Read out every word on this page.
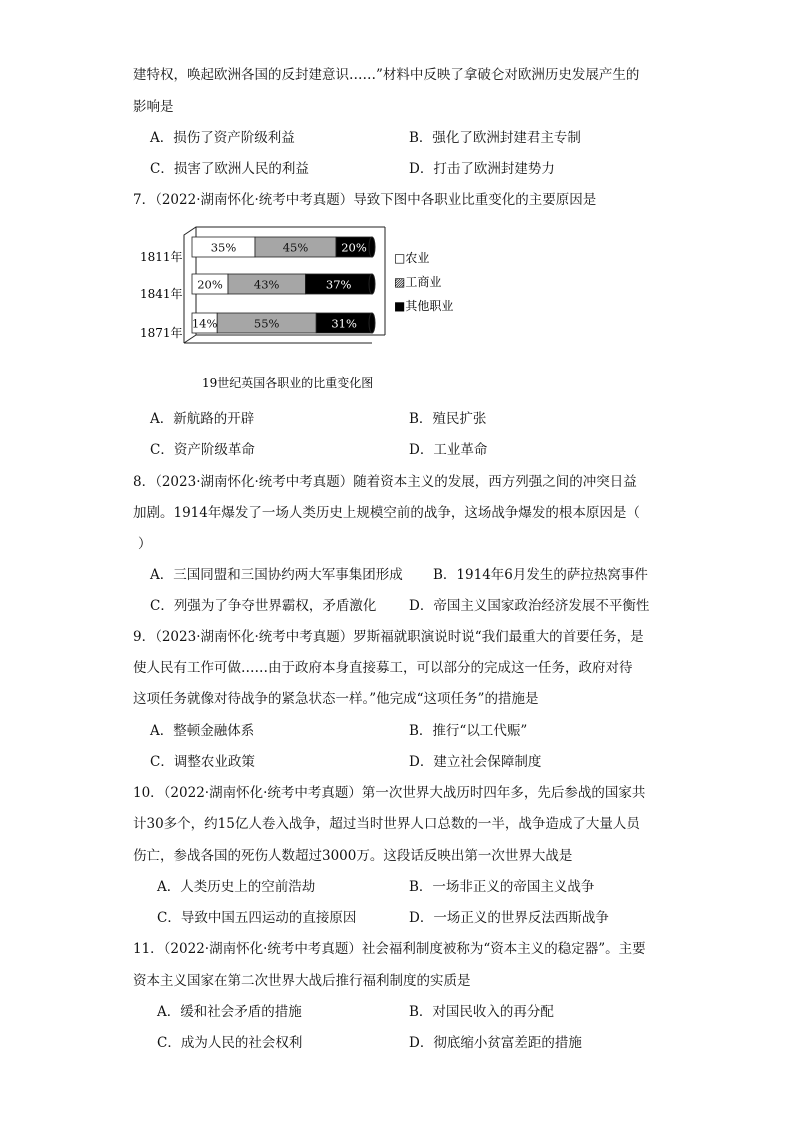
建特权，唤起欧洲各国的反封建意识……”材料中反映了拿破仑对欧洲历史发展产生的
影响是
A．损伤了资产阶级利益	B．强化了欧洲封建君主专制
C．损害了欧洲人民的利益	D．打击了欧洲封建势力
7．（2022·湖南怀化·统考中考真题）导致下图中各职业比重变化的主要原因是
1811年
35%	45%	20%
1841年
20%	43%	37%
1871年
14%	55%	31%
□农业
▨工商业
■其他职业
19世纪英国各职业的比重变化图
A．新航路的开辟	B．殖民扩张
C．资产阶级革命	D．工业革命
8．（2023·湖南怀化·统考中考真题）随着资本主义的发展，西方列强之间的冲突日益
加剧。1914年爆发了一场人类历史上规模空前的战争，这场战争爆发的根本原因是（
）
A．三国同盟和三国协约两大军事集团形成 B．1914年6月发生的萨拉热窝事件
C．列强为了争夺世界霸权，矛盾激化 D．帝国主义国家政治经济发展不平衡性
9．（2023·湖南怀化·统考中考真题）罗斯福就职演说时说“我们最重大的首要任务，是
使人民有工作可做……由于政府本身直接募工，可以部分的完成这一任务，政府对待
这项任务就像对待战争的紧急状态一样。”他完成“这项任务”的措施是
A．整顿金融体系	B．推行“以工代赈”
C．调整农业政策	D．建立社会保障制度
10．（2022·湖南怀化·统考中考真题）第一次世界大战历时四年多，先后参战的国家共
计30多个，约15亿人卷入战争，超过当时世界人口总数的一半，战争造成了大量人员
伤亡，参战各国的死伤人数超过3000万。这段话反映出第一次世界大战是
A．人类历史上的空前浩劫	B．一场非正义的帝国主义战争
C．导致中国五四运动的直接原因	D．一场正义的世界反法西斯战争
11．（2022·湖南怀化·统考中考真题）社会福利制度被称为“资本主义的稳定器”。主要
资本主义国家在第二次世界大战后推行福利制度的实质是
A．缓和社会矛盾的措施	B．对国民收入的再分配
C．成为人民的社会权利	D．彻底缩小贫富差距的措施
